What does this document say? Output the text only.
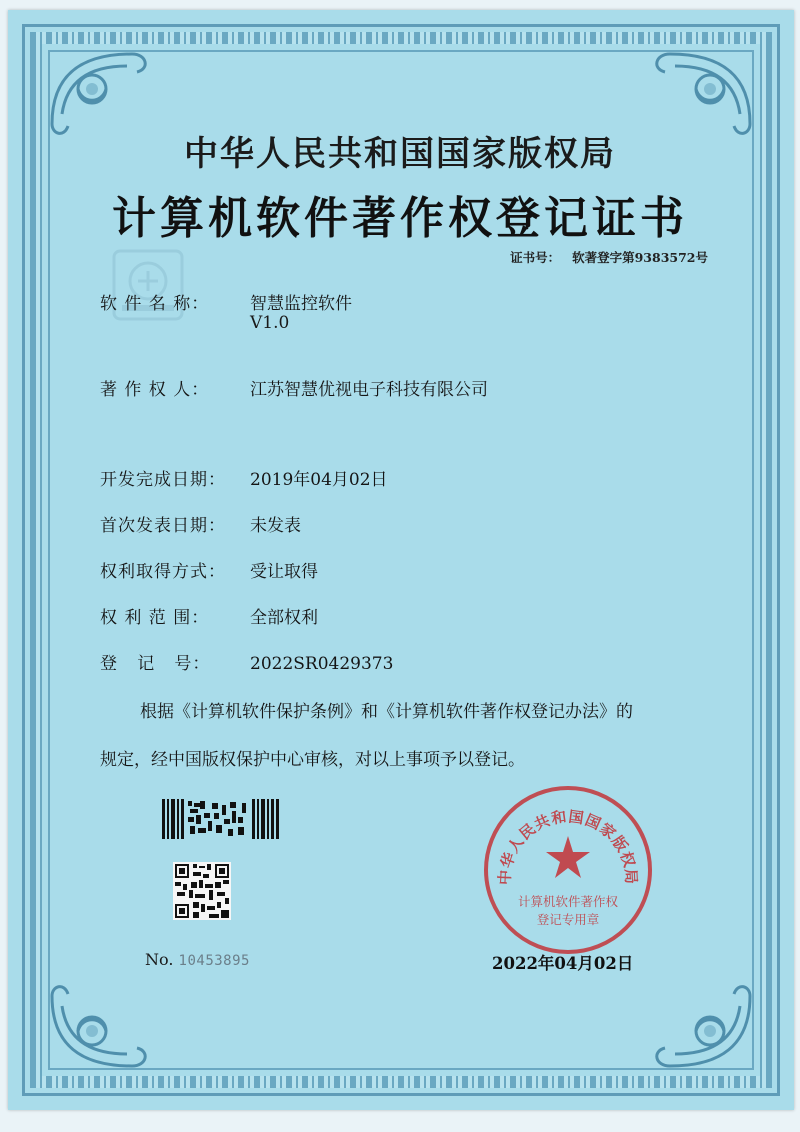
中华人民共和国国家版权局
计算机软件著作权登记证书
证书号： 软著登字第9383572号
软 件 名 称： 智慧监控软件
V1.0
著 作 权 人： 江苏智慧优视电子科技有限公司
开发完成日期： 2019年04月02日
首次发表日期： 未发表
权利取得方式： 受让取得
权 利 范 围： 全部权利
登   记   号： 2022SR0429373
根据《计算机软件保护条例》和《计算机软件著作权登记办法》的
规定，经中国版权保护中心审核，对以上事项予以登记。
No. 10453895
中华人民共和国国家版权局
计算机软件著作权
登记专用章
2022年04月02日
